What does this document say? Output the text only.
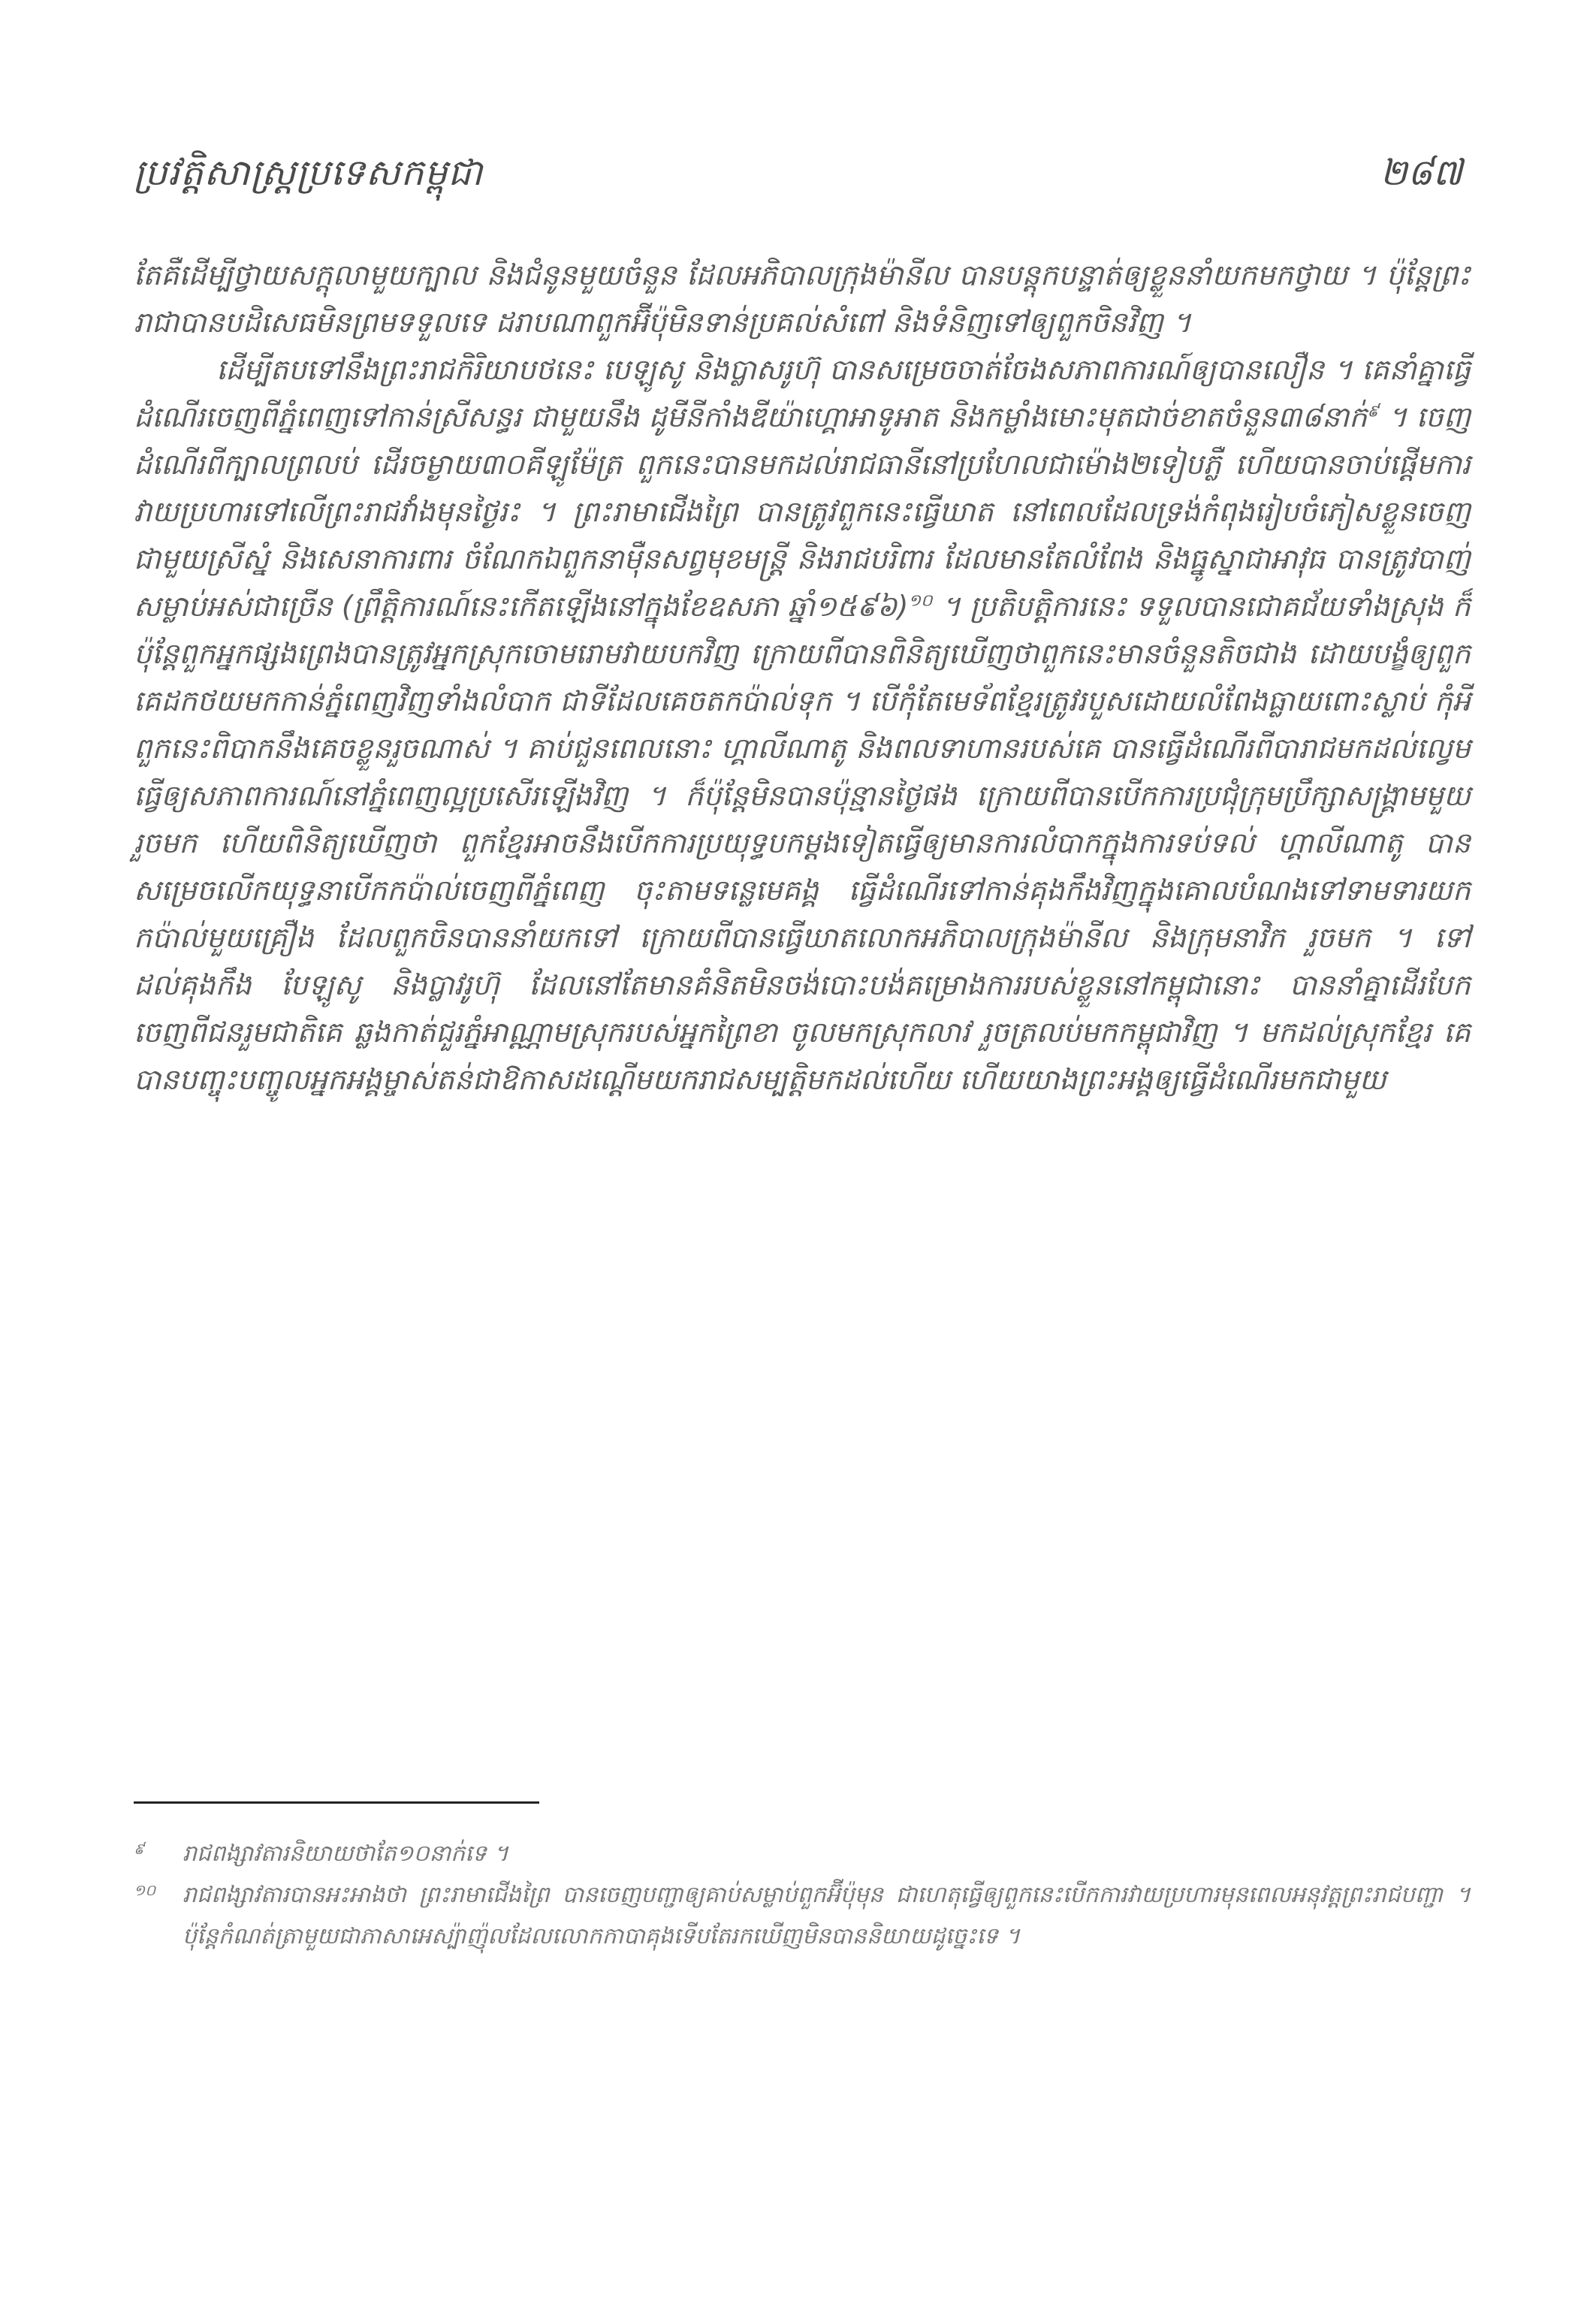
ប្រវត្តិសាស្ត្រប្រទេសកម្ពុជា	២៨៧

តែគឺដើម្បីថ្វាយសក្តុលាមួយក្បាល និងជំនូនមួយចំនួន ដែលអភិបាលក្រុងម៉ានីល បានបន្តុកបន្ទាត់ឲ្យខ្លួននាំយកមកថ្វាយ ។ ប៉ុន្តែព្រះរាជាបានបដិសេធមិនព្រមទទួលទេ ដរាបណាពួកអ៊ីប៉ុមិនទាន់ប្រគល់សំពៅ និងទំនិញទៅឲ្យពួកចិនវិញ ។

ដើម្បីតបទៅនឹងព្រះរាជកិរិយាបថនេះ បេឡូសូ និងប្លាសរូហ៊ុ បានសម្រេចចាត់ចែងសភាពការណ៍ឲ្យបានលឿន ។ គេនាំគ្នាធ្វើដំណើរចេញពីភ្នំពេញទៅកាន់ស្រីសន្ធរ ជាមួយនឹង ដូមីនីកាំងឌីយ៉ាហ្គោអាទូអាត និងកម្លាំងមោះមុតជាច់ខាតចំនួន៣៨នាក់$^៩$ ។ ចេញដំណើរពីក្បាលព្រលប់ ដើរចម្ងាយ៣០គីឡូម៉ែត្រ ពួកនេះបានមកដល់រាជធានីនៅប្រហែលជាម៉ោង២ទៀបភ្លឺ ហើយបានចាប់ផ្តើមការវាយប្រហារទៅលើព្រះរាជវាំងមុនថ្ងៃរះ ។ ព្រះរាមាជើងព្រៃ បានត្រូវពួកនេះធ្វើឃាត នៅពេលដែលទ្រង់កំពុងរៀបចំភៀសខ្លួនចេញជាមួយស្រីស្នំ និងសេនាការពារ ចំណែកឯពួកនាម៉ឺនសព្វមុខមន្ត្រី និងរាជបរិពារ ដែលមានតែលំពែង និងធ្នូស្នាជាអាវុធ បានត្រូវបាញ់សម្លាប់អស់ជាច្រើន (ព្រឹត្តិការណ៍នេះកើតឡើងនៅក្នុងខែឧសភា ឆ្នាំ១៥៩៦)$^{១០}$ ។ ប្រតិបត្តិការនេះ ទទួលបានជោគជ័យទាំងស្រុង ក៏ប៉ុន្តែពួកអ្នកផ្សងព្រេងបានត្រូវអ្នកស្រុកចោមរោមវាយបកវិញ ក្រោយពីបានពិនិត្យឃើញថាពួកនេះមានចំនួនតិចជាង ដោយបង្ខំឲ្យពួកគេដកថយមកកាន់ភ្នំពេញវិញទាំងលំបាក ជាទីដែលគេចតកប៉ាល់ទុក ។ បើកុំតែមេទ័ពខ្មែរត្រូវរបួសដោយលំពែងធ្លាយពោះស្លាប់ កុំអីពួកនេះពិបាកនឹងគេចខ្លួនរួចណាស់ ។ គាប់ជួនពេលនោះ ហ្គាលីណាតូ និងពលទាហានរបស់គេ បានធ្វើដំណើរពីបារាជមកដល់ល្វេម ធ្វើឲ្យសភាពការណ៍នៅភ្នំពេញល្អប្រសើរឡើងវិញ ។ ក៏ប៉ុន្តែមិនបានប៉ុន្មានថ្ងៃផង ក្រោយពីបានបើកការប្រជុំក្រុមប្រឹក្សាសង្គ្រាមមួយរួចមក ហើយពិនិត្យឃើញថា ពួកខ្មែរអាចនឹងបើកការប្រយុទ្ធបកម្តងទៀតធ្វើឲ្យមានការលំបាកក្នុងការទប់ទល់ ហ្គាលីណាតូ បានសម្រេចលើកយុទ្ធនាបើកកប៉ាល់ចេញពីភ្នំពេញ ចុះតាមទន្លេមេគង្គ ធ្វើដំណើរទៅកាន់គុងកឹងវិញក្នុងគោលបំណងទៅទាមទារយកកប៉ាល់មួយគ្រឿង ដែលពួកចិនបាននាំយកទៅ ក្រោយពីបានធ្វើឃាតលោកអភិបាលក្រុងម៉ានីល និងក្រុមនាវិក រួចមក ។ ទៅដល់គុងកឹង បែឡូសូ និងប្លាវរូហ៊ុ ដែលនៅតែមានគំនិតមិនចង់បោះបង់គម្រោងការរបស់ខ្លួននៅកម្ពុជានោះ បាននាំគ្នាដើរបែកចេញពីជនរួមជាតិគេ ឆ្លងកាត់ជួរភ្នំអាណ្ណាមស្រុករបស់អ្នកព្រៃខា ចូលមកស្រុកលាវ រួចត្រលប់មកកម្ពុជាវិញ ។ មកដល់ស្រុកខ្មែរ គេបានបញ្ចុះបញ្ចូលអ្នកអង្គម្ចាស់តន់ជាឱកាសដណ្តើមយករាជសម្បត្តិមកដល់ហើយ ហើយយាងព្រះអង្គឲ្យធ្វើដំណើរមកជាមួយ

៩ រាជពង្សាវតារនិយាយថាតែ១០នាក់ទេ ។
១០ រាជពង្សាវតារបានអះអាងថា ព្រះរាមាជើងព្រៃ បានចេញបញ្ជាឲ្យគាប់សម្លាប់ពួកអ៊ីប៉ុមុន ជាហេតុធ្វើឲ្យពួកនេះបើកការវាយប្រហារមុនពេលអនុវត្តព្រះរាជបញ្ជា ។ ប៉ុន្តែកំណត់ត្រាមួយជាភាសាអេស្ប៉ាញ៉ុលដែលលោកកាបាគុងទើបតែរកឃើញមិនបាននិយាយដូច្នេះទេ ។
